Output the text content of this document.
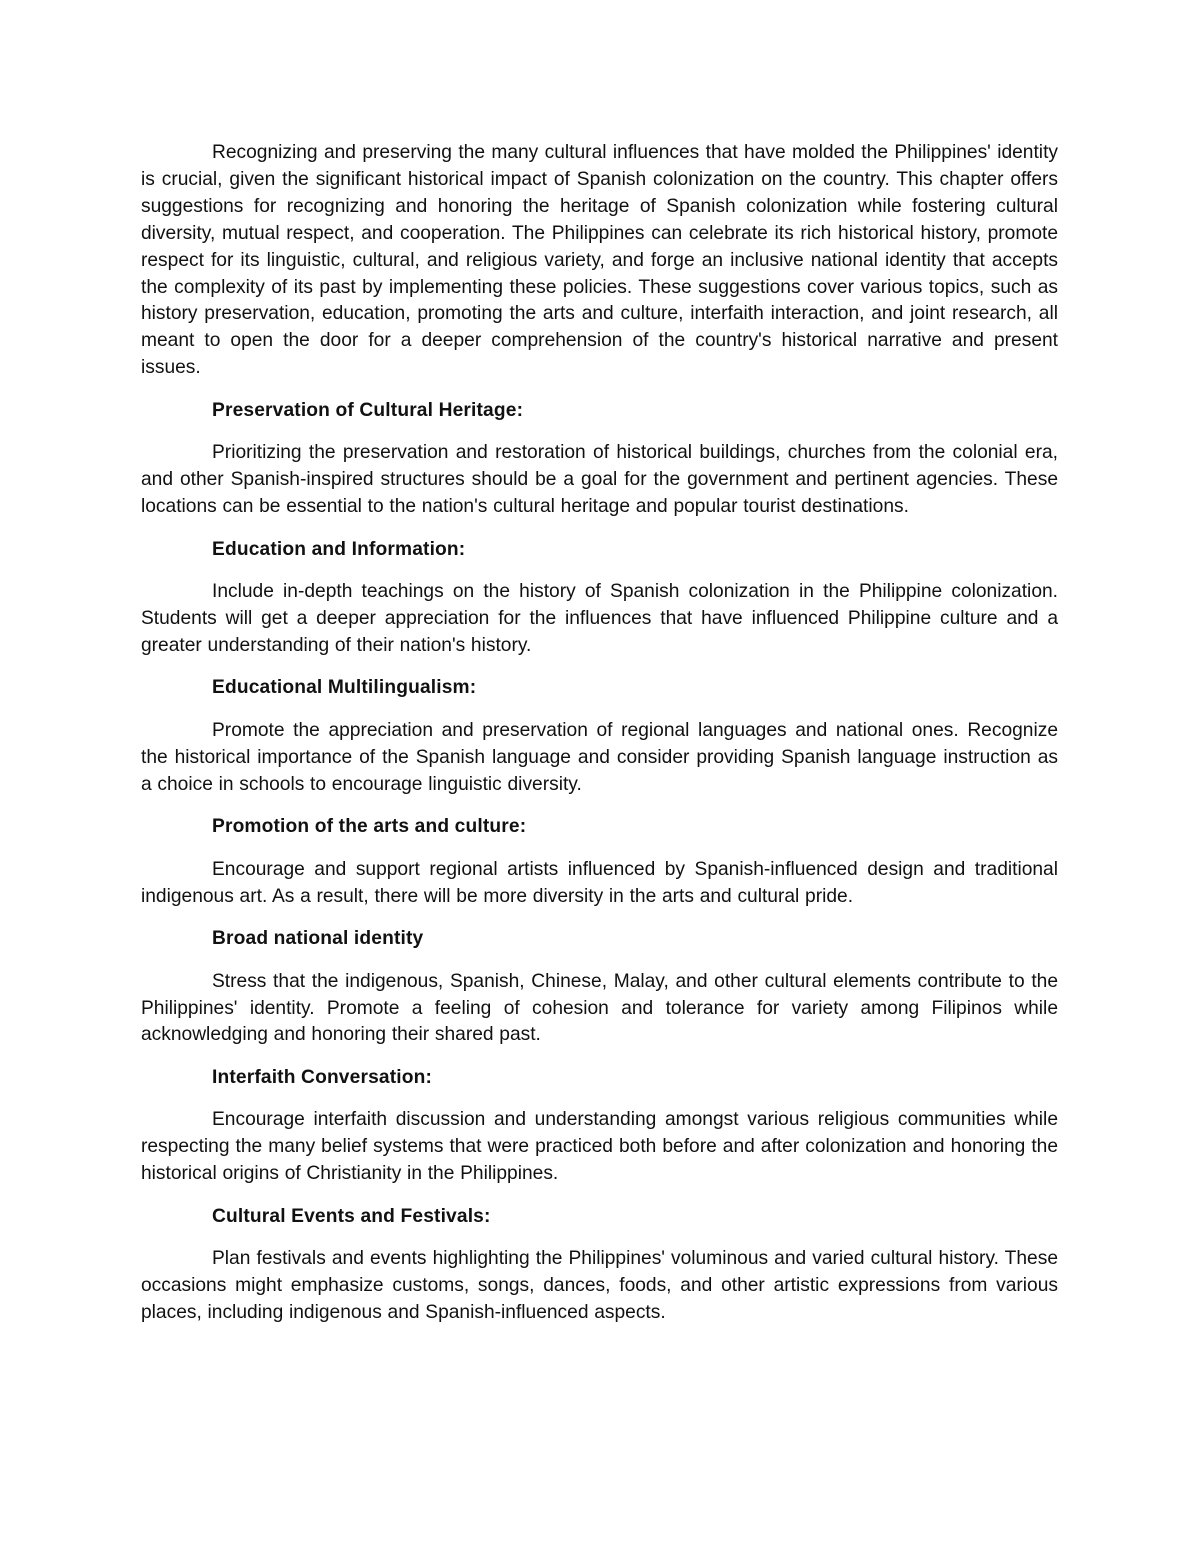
Recognizing and preserving the many cultural influences that have molded the Philippines' identity is crucial, given the significant historical impact of Spanish colonization on the country. This chapter offers suggestions for recognizing and honoring the heritage of Spanish colonization while fostering cultural diversity, mutual respect, and cooperation. The Philippines can celebrate its rich historical history, promote respect for its linguistic, cultural, and religious variety, and forge an inclusive national identity that accepts the complexity of its past by implementing these policies. These suggestions cover various topics, such as history preservation, education, promoting the arts and culture, interfaith interaction, and joint research, all meant to open the door for a deeper comprehension of the country's historical narrative and present issues.

Preservation of Cultural Heritage:

Prioritizing the preservation and restoration of historical buildings, churches from the colonial era, and other Spanish-inspired structures should be a goal for the government and pertinent agencies. These locations can be essential to the nation's cultural heritage and popular tourist destinations.

Education and Information:

Include in-depth teachings on the history of Spanish colonization in the Philippine colonization. Students will get a deeper appreciation for the influences that have influenced Philippine culture and a greater understanding of their nation's history.

Educational Multilingualism:

Promote the appreciation and preservation of regional languages and national ones. Recognize the historical importance of the Spanish language and consider providing Spanish language instruction as a choice in schools to encourage linguistic diversity.

Promotion of the arts and culture:

Encourage and support regional artists influenced by Spanish-influenced design and traditional indigenous art. As a result, there will be more diversity in the arts and cultural pride.

Broad national identity

Stress that the indigenous, Spanish, Chinese, Malay, and other cultural elements contribute to the Philippines' identity. Promote a feeling of cohesion and tolerance for variety among Filipinos while acknowledging and honoring their shared past.

Interfaith Conversation:

Encourage interfaith discussion and understanding amongst various religious communities while respecting the many belief systems that were practiced both before and after colonization and honoring the historical origins of Christianity in the Philippines.

Cultural Events and Festivals:

Plan festivals and events highlighting the Philippines' voluminous and varied cultural history. These occasions might emphasize customs, songs, dances, foods, and other artistic expressions from various places, including indigenous and Spanish-influenced aspects.
